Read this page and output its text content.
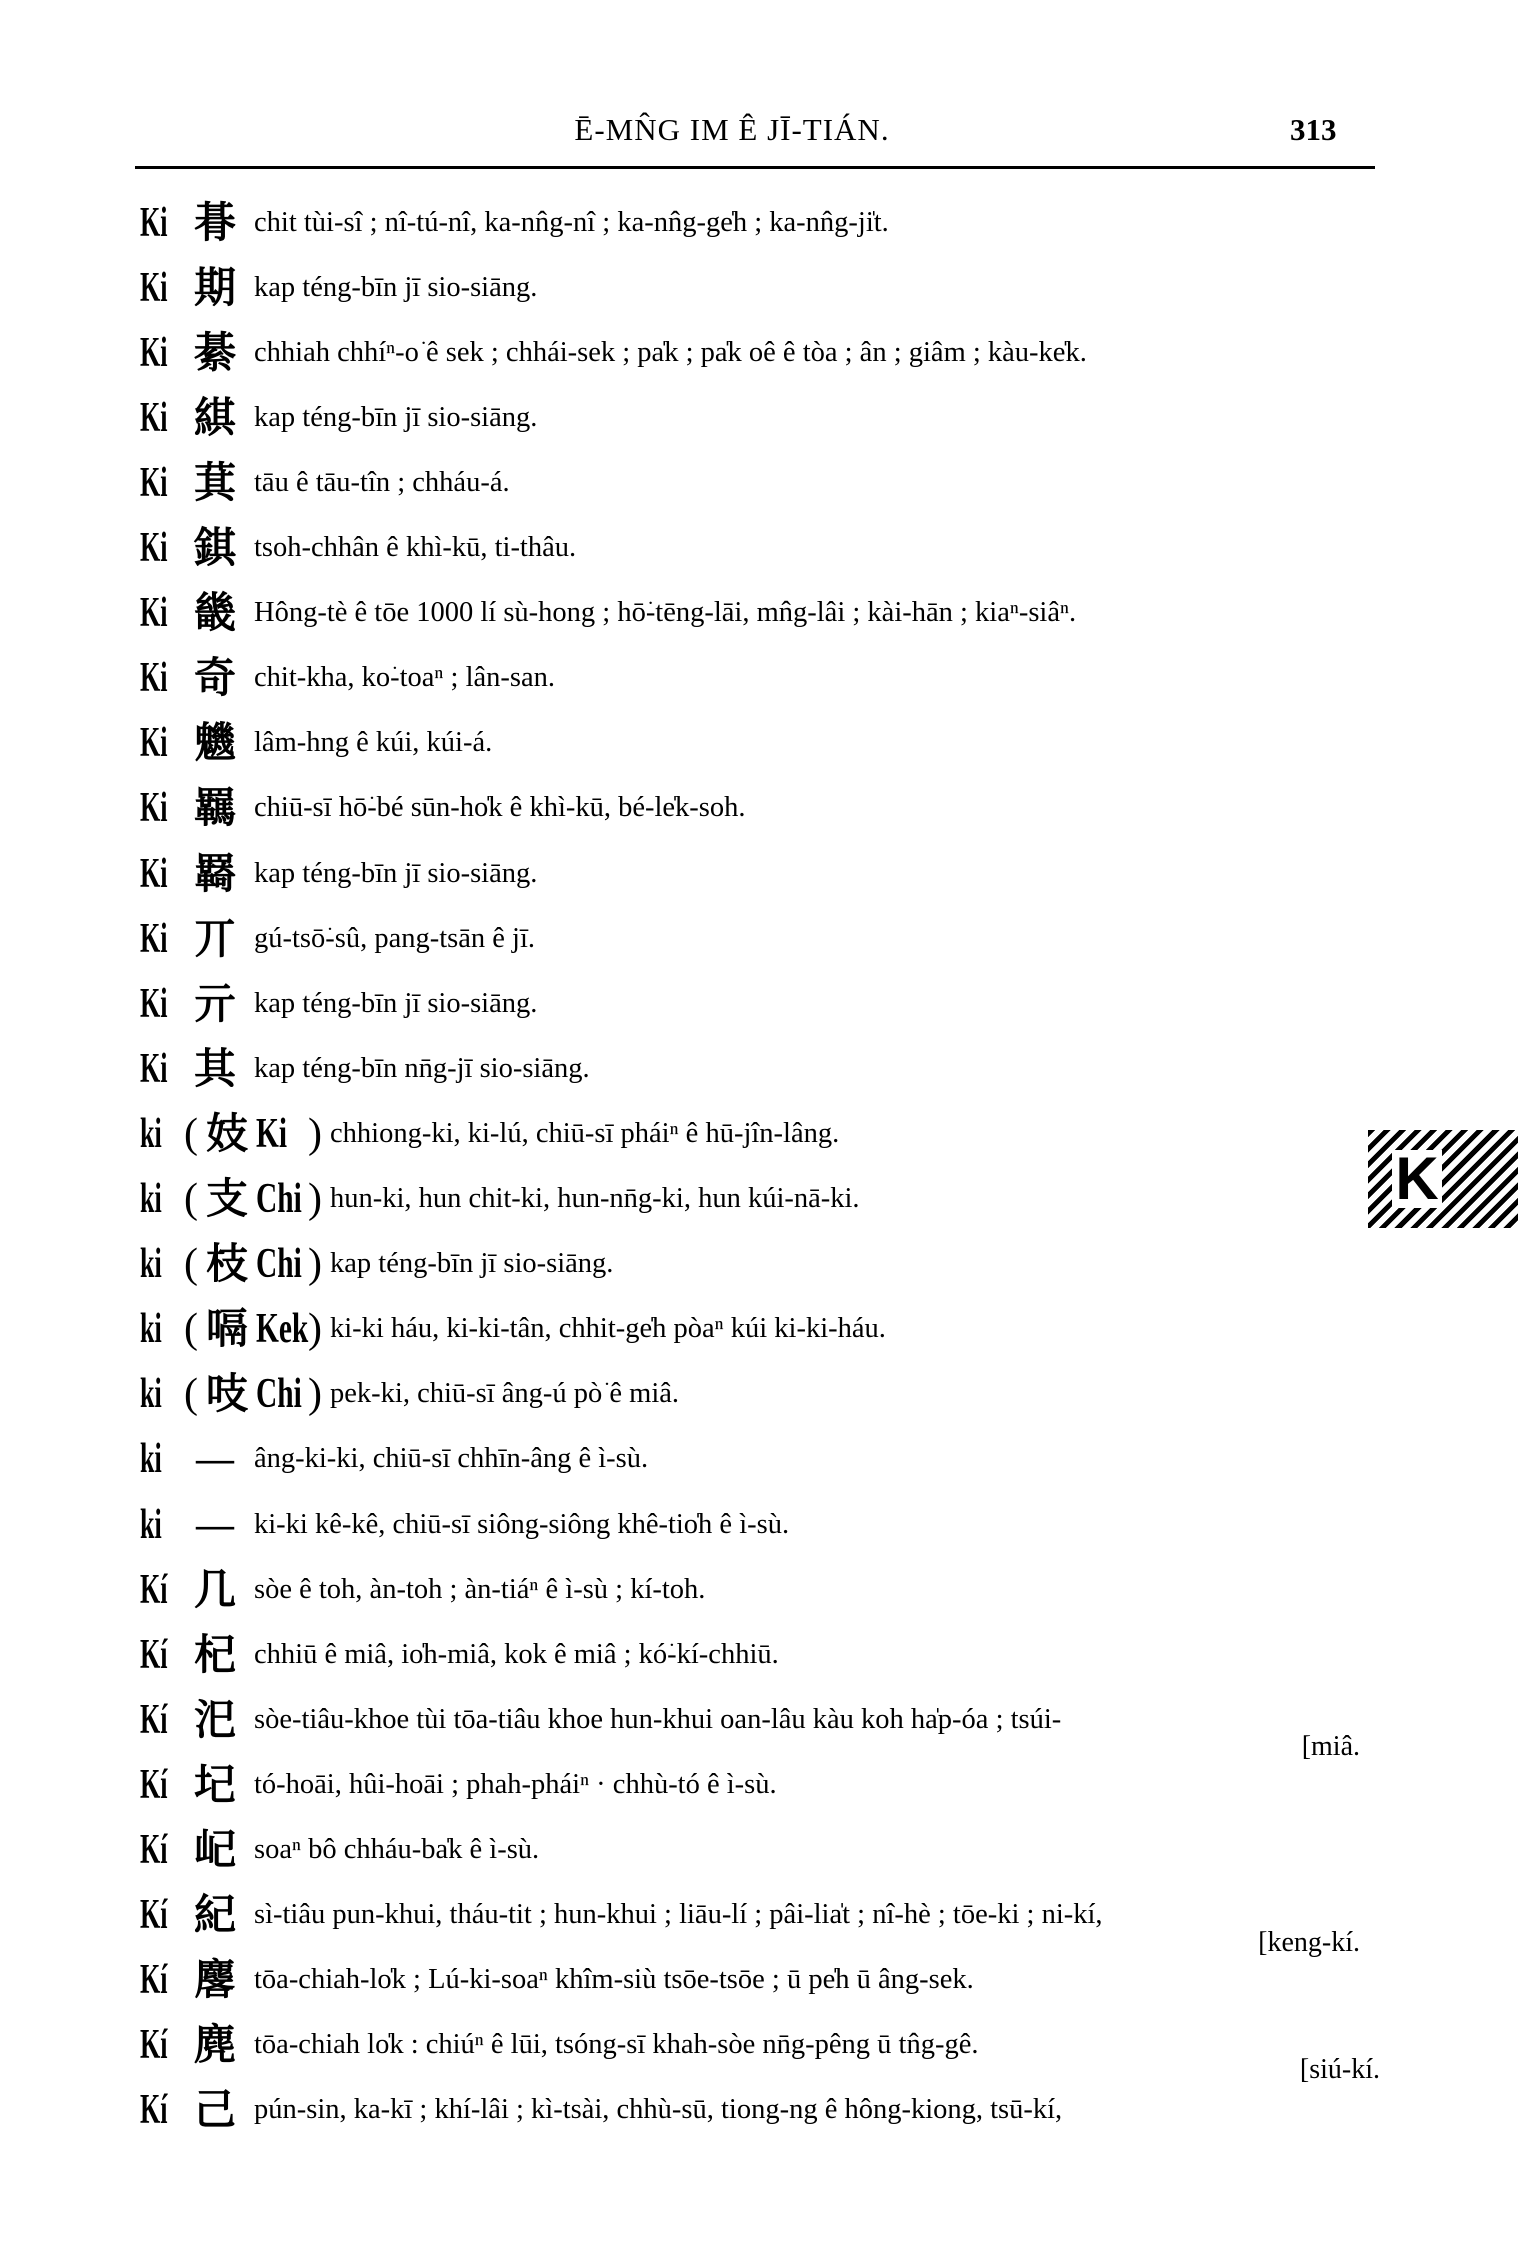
Ē-MN̂G IM Ê JĪ-TIÁN.	313
Ki 朞 chit tùi-sî ; nî-tú-nî, ka-nn̂g-nî ; ka-nn̂g-ge̍h ; ka-nn̂g-ji̍t.
Ki 期 kap téng-bīn jī sio-siāng.
Ki 綦 chhiah chhíⁿ-o͘ ê sek ; chhái-sek ; pa̍k ; pa̍k oê ê tòa ; ân ; giâm ; kàu-ke̍k.
Ki 綨 kap téng-bīn jī sio-siāng.
Ki 萁 tāu ê tāu-tîn ; chháu-á.
Ki 錤 tsoh-chhân ê khì-kū, ti-thâu.
Ki 畿 Hông-tè ê tōe 1000 lí sù-hong ; hō͘-tēng-lāi, mn̂g-lâi ; kài-hān ; kiaⁿ-siâⁿ.
Ki 奇 chit-kha, ko͘-toaⁿ ; lân-san.
Ki 魕 lâm-hng ê kúi, kúi-á.
Ki 羈 chiū-sī hō͘-bé sūn-ho̍k ê khì-kū, bé-le̍k-soh.
Ki 羇 kap téng-bīn jī sio-siāng.
Ki 丌 gú-tsō͘-sû, pang-tsān ê jī.
Ki 亓 kap téng-bīn jī sio-siāng.
Ki 其 kap téng-bīn nn̄g-jī sio-siāng.
ki ( 妓 Ki ) chhiong-ki, ki-lú, chiū-sī pháiⁿ ê hū-jîn-lâng.
ki ( 支 Chi ) hun-ki, hun chit-ki, hun-nn̄g-ki, hun kúi-nā-ki.
ki ( 枝 Chi ) kap téng-bīn jī sio-siāng.
ki ( 嗝 Kek ) ki-ki háu, ki-ki-tân, chhit-ge̍h pòaⁿ kúi ki-ki-háu.
ki ( 吱 Chi ) pek-ki, chiū-sī âng-ú pò͘ ê miâ.
ki — âng-ki-ki, chiū-sī chhīn-âng ê ì-sù.
ki — ki-ki kê-kê, chiū-sī siông-siông khê-tio̍h ê ì-sù.
Kí 几 sòe ê toh, àn-toh ; àn-tiáⁿ ê ì-sù ; kí-toh.
Kí 杞 chhiū ê miâ, io̍h-miâ, kok ê miâ ; kó͘-kí-chhiū.
Kí 汜 sòe-tiâu-khoe tùi tōa-tiâu khoe hun-khui oan-lâu kàu koh ha̍p-óa ; tsúi-
[miâ.
Kí 圮 tó-hoāi, hûi-hoāi ; phah-pháiⁿ · chhù-tó ê ì-sù.
Kí 屺 soaⁿ bô chháu-ba̍k ê ì-sù.
Kí 紀 sì-tiâu pun-khui, tháu-tit ; hun-khui ; liāu-lí ; pâi-lia̍t ; nî-hè ; tōe-ki ; ni-kí,
[keng-kí.
Kí 麐 tōa-chiah-lo̍k ; Lú-ki-soaⁿ khîm-siù tsōe-tsōe ; ū pe̍h ū âng-sek.
Kí 麂 tōa-chiah lo̍k : chiúⁿ ê lūi, tsóng-sī khah-sòe nn̄g-pêng ū tn̂g-gê.
Kí 己 pún-sin, ka-kī ; khí-lâi ; kì-tsài, chhù-sū, tiong-ng ê hông-kiong, tsū-kí,
[siú-kí.
K
